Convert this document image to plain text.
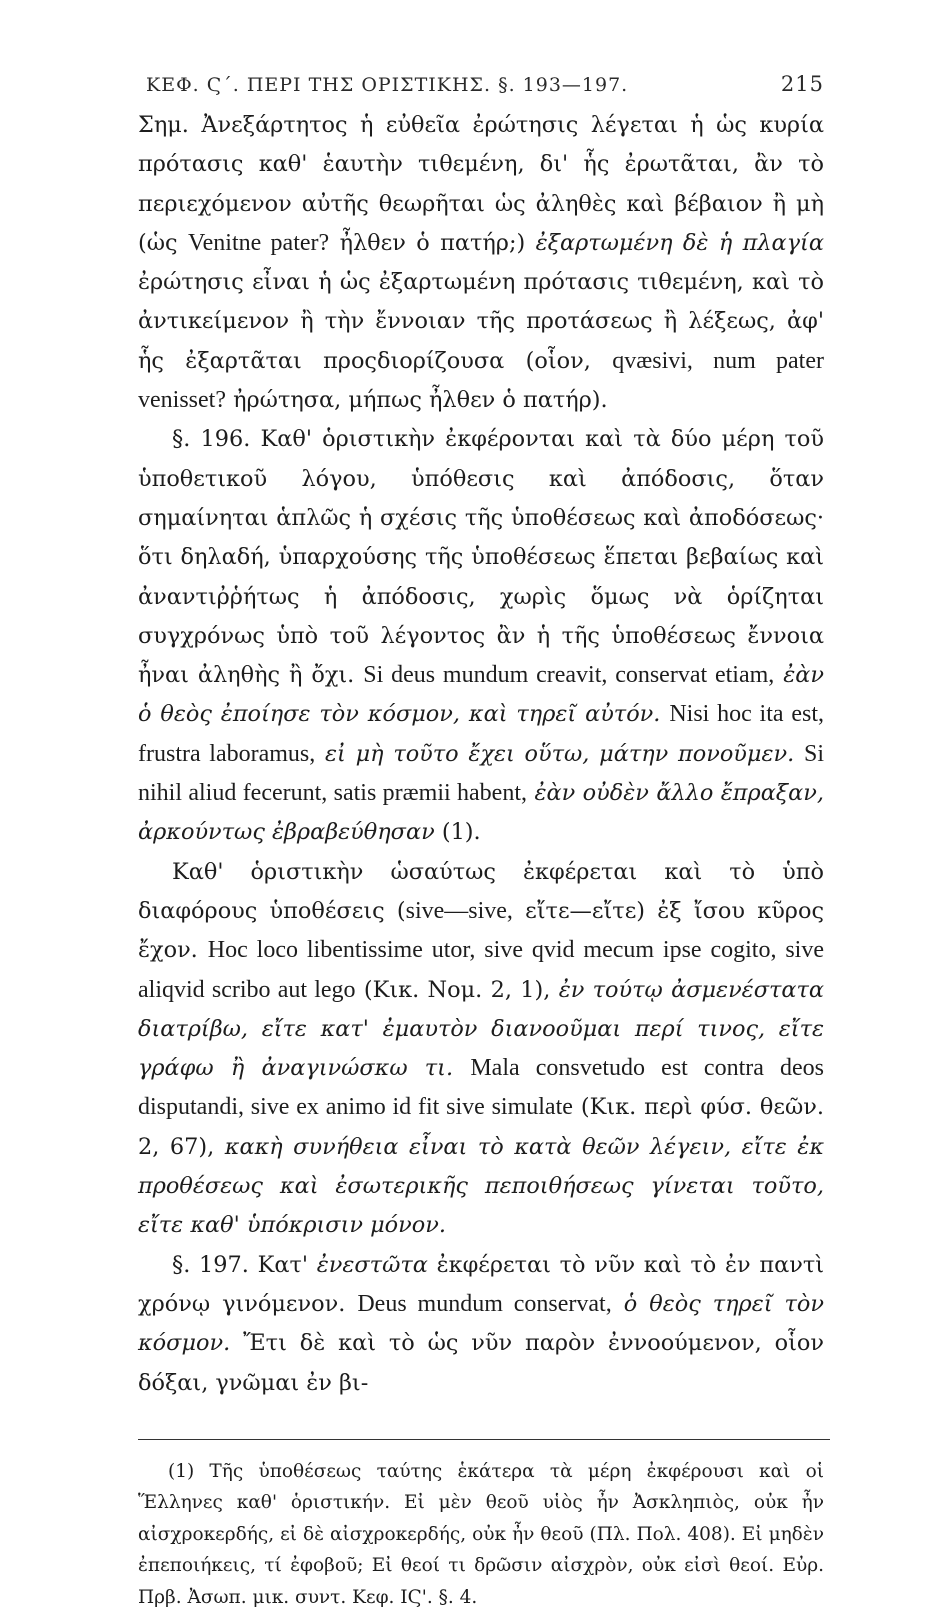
ΚΕΦ. Ϛ΄. ΠΕΡΙ ΤΗΣ ΟΡΙΣΤΙΚΗΣ. §. 193—197.	215

Σημ. Ἀνεξάρτητος ἡ εὐθεῖα ἐρώτησις λέγεται ἡ ὡς κυρία πρότασις καθ' ἑαυτὴν τιθεμένη, δι' ἧς ἐρωτᾶται, ἂν τὸ περιεχόμενον αὐτῆς θεωρῆται ὡς ἀληθὲς καὶ βέβαιον ἢ μὴ (ὡς Venitne pater? ἦλθεν ὁ πατήρ;) ἐξαρτωμένη δὲ ἡ πλαγία ἐρώτησις εἶναι ἡ ὡς ἐξαρτωμένη πρότασις τιθεμένη, καὶ τὸ ἀντικείμενον ἢ τὴν ἔννοιαν τῆς προτάσεως ἢ λέξεως, ἀφ' ἧς ἐξαρτᾶται προςδιορίζουσα (οἷον, qvæsivi, num pater venisset? ἠρώτησα, μήπως ἦλθεν ὁ πατήρ).

§. 196. Καθ' ὁριστικὴν ἐκφέρονται καὶ τὰ δύο μέρη τοῦ ὑποθετικοῦ λόγου, ὑπόθεσις καὶ ἀπόδοσις, ὅταν σημαίνηται ἁπλῶς ἡ σχέσις τῆς ὑποθέσεως καὶ ἀποδόσεως· ὅτι δηλαδή, ὑπαρχούσης τῆς ὑποθέσεως ἕπεται βεβαίως καὶ ἀναντιῤῥήτως ἡ ἀπόδοσις, χωρὶς ὅμως νὰ ὁρίζηται συγχρόνως ὑπὸ τοῦ λέγοντος ἂν ἡ τῆς ὑποθέσεως ἔννοια ἦναι ἀληθὴς ἢ ὄχι. Si deus mundum creavit, conservat etiam, ἐὰν ὁ θεὸς ἐποίησε τὸν κόσμον, καὶ τηρεῖ αὐτόν. Nisi hoc ita est, frustra laboramus, εἰ μὴ τοῦτο ἔχει οὕτω, μάτην πονοῦμεν. Si nihil aliud fecerunt, satis præmii habent, ἐὰν οὐδὲν ἄλλο ἔπραξαν, ἀρκούντως ἐβραβεύθησαν (1).

Καθ' ὁριστικὴν ὡσαύτως ἐκφέρεται καὶ τὸ ὑπὸ διαφόρους ὑποθέσεις (sive—sive, εἴτε—εἴτε) ἐξ ἴσου κῦρος ἔχον. Hoc loco libentissime utor, sive qvid mecum ipse cogito, sive aliqvid scribo aut lego (Κικ. Νομ. 2, 1), ἐν τούτῳ ἀσμενέστατα διατρίβω, εἴτε κατ' ἐμαυτὸν διανοοῦμαι περί τινος, εἴτε γράφω ἢ ἀναγινώσκω τι. Mala consvetudo est contra deos disputandi, sive ex animo id fit sive simulate (Κικ. περὶ φύσ. θεῶν. 2, 67), κακὴ συνήθεια εἶναι τὸ κατὰ θεῶν λέγειν, εἴτε ἐκ προθέσεως καὶ ἐσωτερικῆς πεποιθήσεως γίνεται τοῦτο, εἴτε καθ' ὑπόκρισιν μόνον.

§. 197. Κατ' ἐνεστῶτα ἐκφέρεται τὸ νῦν καὶ τὸ ἐν παντὶ χρόνῳ γινόμενον. Deus mundum conservat, ὁ θεὸς τηρεῖ τὸν κόσμον. Ἔτι δὲ καὶ τὸ ὡς νῦν παρὸν ἐννοούμενον, οἷον δόξαι, γνῶμαι ἐν βι-

(1) Τῆς ὑποθέσεως ταύτης ἑκάτερα τὰ μέρη ἐκφέρουσι καὶ οἱ Ἕλληνες καθ' ὁριστικήν. Εἰ μὲν θεοῦ υἱὸς ἦν Ἀσκληπιὸς, οὐκ ἦν αἰσχροκερδής, εἰ δὲ αἰσχροκερδής, οὐκ ἦν θεοῦ (Πλ. Πολ. 408). Εἰ μηδὲν ἐπεποιήκεις, τί ἐφοβοῦ; Εἰ θεοί τι δρῶσιν αἰσχρὸν, οὐκ εἰσὶ θεοί. Εὐρ. Πρβ. Ἀσωπ. μικ. συντ. Κεφ. ΙϚ'. §. 4.
